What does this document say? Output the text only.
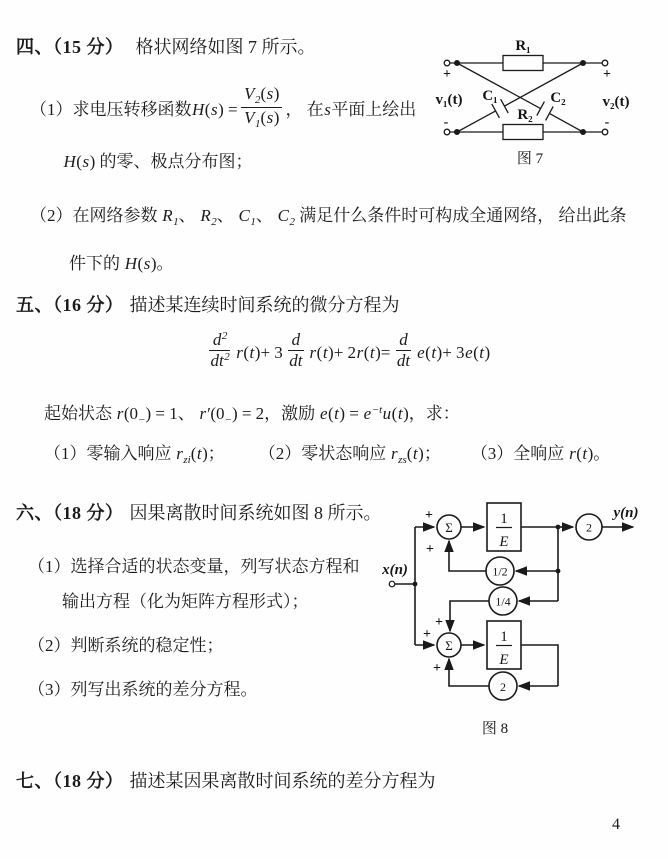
四、（15 分） 格状网络如图 7 所示。
（1）求电压转移函数 H ( s ) = $\frac{V_2(s)}{V_1(s)}$ ， 在 s 平面上绘出
H(s) 的零、极点分布图；
（2）在网络参数 $R_1$、 $R_2$、 $C_1$、 $C_2$ 满足什么条件时可构成全通网络， 给出此条
件下的 H(s)。
R₁
R₂
C₁	C₂
+
-
+
-
v₁(t)	v₂(t)
图 7
五、（16 分） 描述某连续时间系统的微分方程为
$\frac{d^2}{dt^2}$ r ( t ) + $3 \frac{d}{dt}$ r ( t ) + 2 r ( t ) = $\frac{d}{dt}$ e ( t ) + 3 e ( t )
起始状态 $r(0_-) = 1$、 $r'(0_-) = 2$，激励 $e(t) = e^{-t}u(t)$，求：
（1）零输入响应 $r_{zi}(t)$； （2）零状态响应 $r_{zs}(t)$； （3）全响应 r(t)。
六、（18 分） 因果离散时间系统如图 8 所示。
（1）选择合适的状态变量，列写状态方程和
输出方程（化为矩阵方程形式）；
（2）判断系统的稳定性；
（3）列写出系统的差分方程。
x(n)
y(n)
Σ
Σ
1
E
1
E
2
1/2
1/4
2
+
+
+
+
+
图 8
七、（18 分） 描述某因果离散时间系统的差分方程为
4
